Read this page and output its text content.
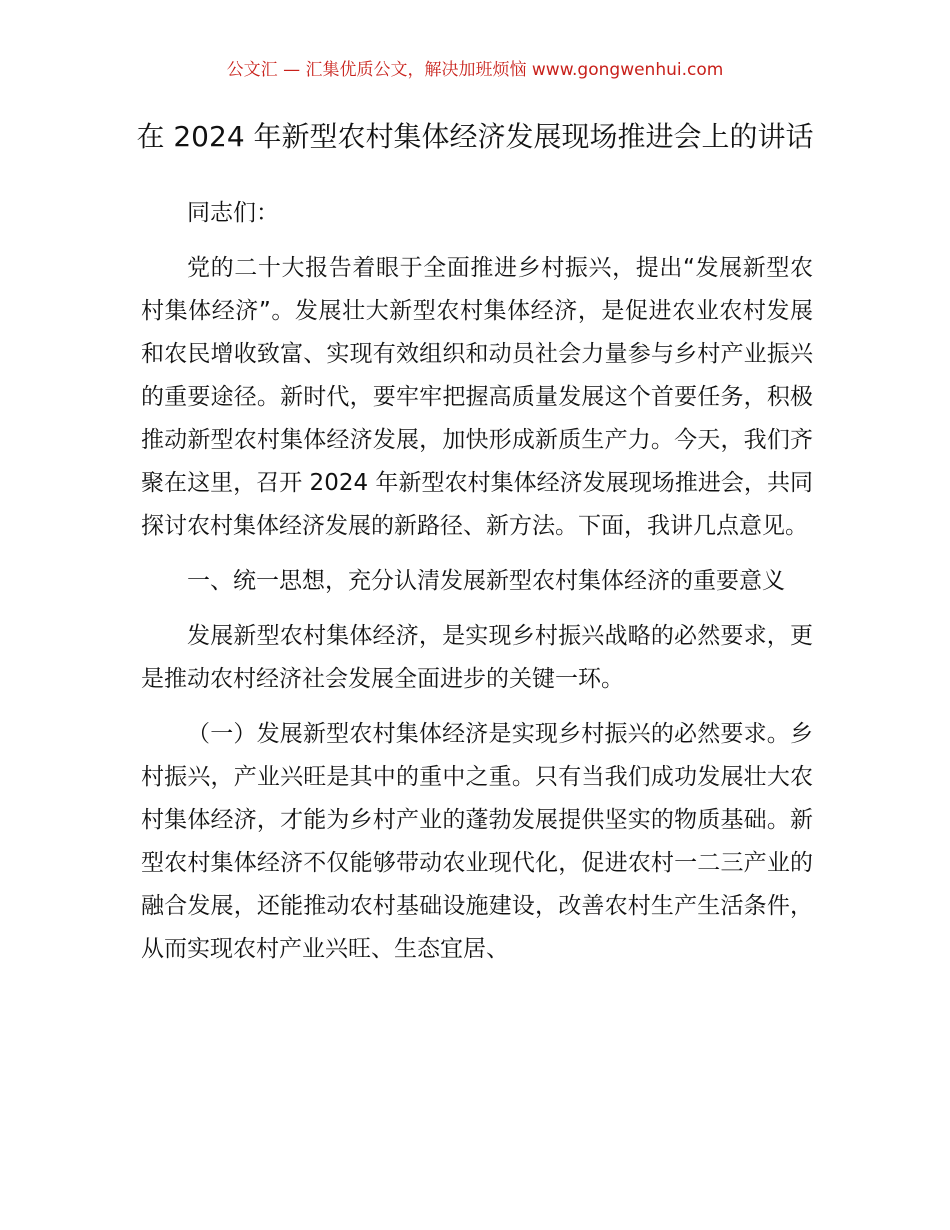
公文汇 — 汇集优质公文，解决加班烦恼 www.gongwenhui.com
在 2024 年新型农村集体经济发展现场推进会上的讲话

同志们：

党的二十大报告着眼于全面推进乡村振兴，提出“发展新型农村集体经济”。发展壮大新型农村集体经济，是促进农业农村发展和农民增收致富、实现有效组织和动员社会力量参与乡村产业振兴的重要途径。新时代，要牢牢把握高质量发展这个首要任务，积极推动新型农村集体经济发展，加快形成新质生产力。今天，我们齐聚在这里，召开 2024 年新型农村集体经济发展现场推进会，共同探讨农村集体经济发展的新路径、新方法。下面，我讲几点意见。

一、统一思想，充分认清发展新型农村集体经济的重要意义

发展新型农村集体经济，是实现乡村振兴战略的必然要求，更是推动农村经济社会发展全面进步的关键一环。

（一）发展新型农村集体经济是实现乡村振兴的必然要求。乡村振兴，产业兴旺是其中的重中之重。只有当我们成功发展壮大农村集体经济，才能为乡村产业的蓬勃发展提供坚实的物质基础。新型农村集体经济不仅能够带动农业现代化，促进农村一二三产业的融合发展，还能推动农村基础设施建设，改善农村生产生活条件，从而实现农村产业兴旺、生态宜居、
